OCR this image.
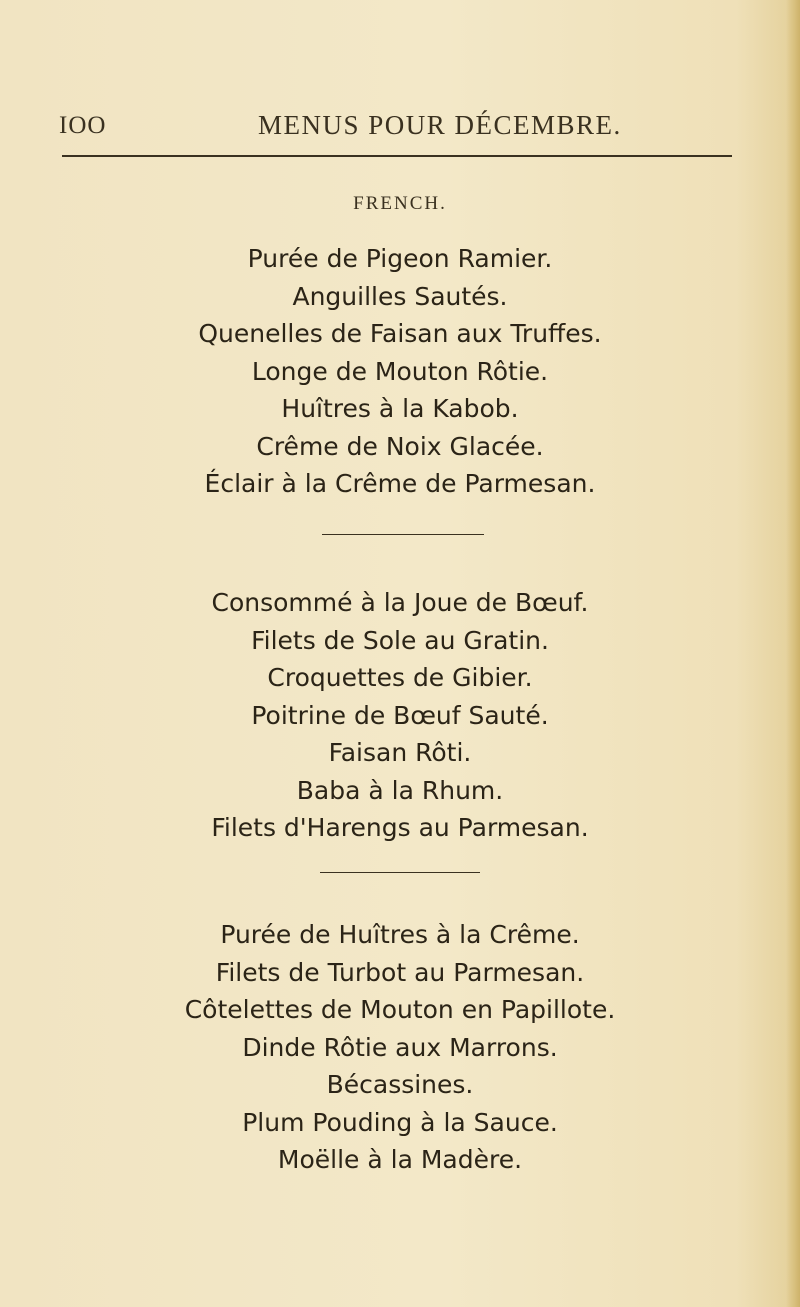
IOO	MENUS POUR DÉCEMBRE.
FRENCH.
Purée de Pigeon Ramier.
Anguilles Sautés.
Quenelles de Faisan aux Truffes.
Longe de Mouton Rôtie.
Huîtres à la Kabob.
Crême de Noix Glacée.
Éclair à la Crême de Parmesan.
Consommé à la Joue de Bœuf.
Filets de Sole au Gratin.
Croquettes de Gibier.
Poitrine de Bœuf Sauté.
Faisan Rôti.
Baba à la Rhum.
Filets d'Harengs au Parmesan.
Purée de Huîtres à la Crême.
Filets de Turbot au Parmesan.
Côtelettes de Mouton en Papillote.
Dinde Rôtie aux Marrons.
Bécassines.
Plum Pouding à la Sauce.
Moëlle à la Madère.
